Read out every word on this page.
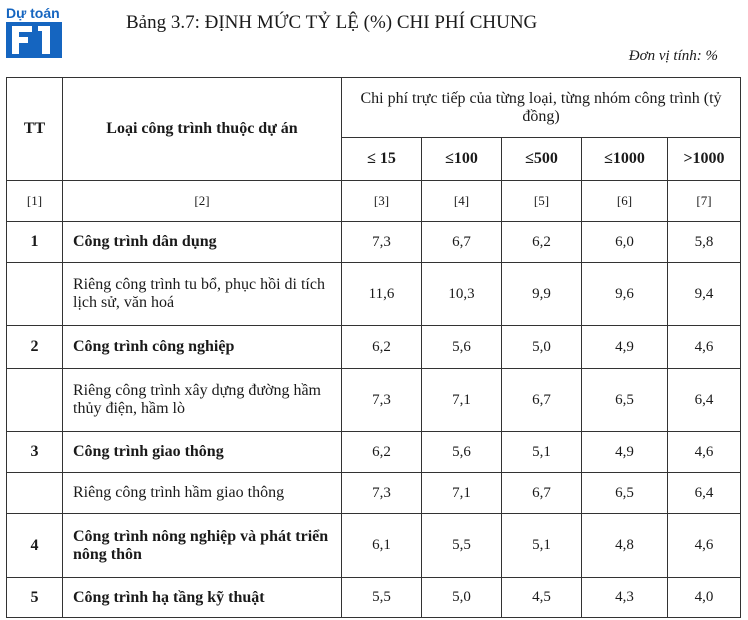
Dự toán	Bảng 3.7: ĐỊNH MỨC TỶ LỆ (%) CHI PHÍ CHUNG
Đơn vị tính: %
TT	Loại công trình thuộc dự án	Chi phí trực tiếp của từng loại, từng nhóm công trình (tỷ đồng)				
		≤ 15	≤100	≤500	≤1000	>1000
[1]	[2]	[3]	[4]	[5]	[6]	[7]
1	Công trình dân dụng	7,3	6,7	6,2	6,0	5,8
	Riêng công trình tu bổ, phục hồi di tích lịch sử, văn hoá	11,6	10,3	9,9	9,6	9,4
2	Công trình công nghiệp	6,2	5,6	5,0	4,9	4,6
	Riêng công trình xây dựng đường hầm thủy điện, hầm lò	7,3	7,1	6,7	6,5	6,4
3	Công trình giao thông	6,2	5,6	5,1	4,9	4,6
	Riêng công trình hầm giao thông	7,3	7,1	6,7	6,5	6,4
4	Công trình nông nghiệp và phát triển nông thôn	6,1	5,5	5,1	4,8	4,6
5	Công trình hạ tầng kỹ thuật	5,5	5,0	4,5	4,3	4,0
